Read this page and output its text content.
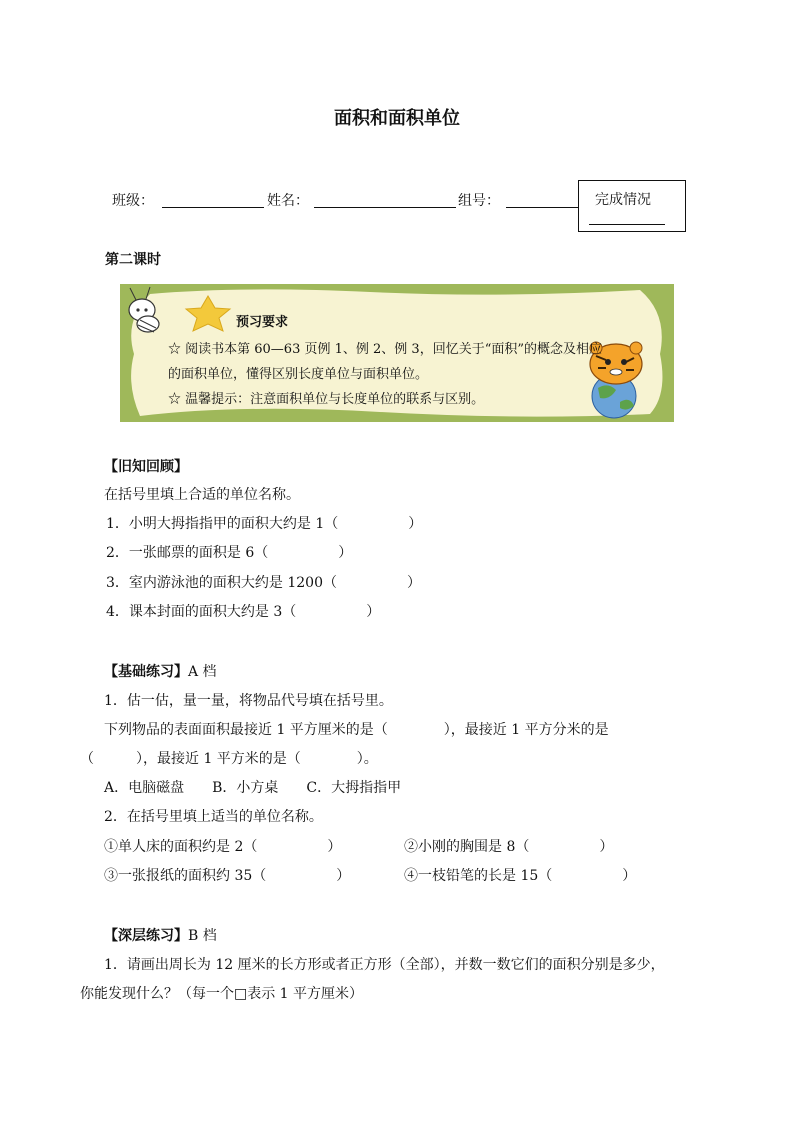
面积和面积单位
班级：	姓名：	组号：	完成情况
第二课时
预习要求
☆ 阅读书本第 60—63 页例 1、例 2、例 3，回忆关于“面积”的概念及相应
的面积单位，懂得区别长度单位与面积单位。
☆ 温馨提示：注意面积单位与长度单位的联系与区别。
【旧知回顾】
在括号里填上合适的单位名称。
1．小明大拇指指甲的面积大约是 1（　　　　　）
2．一张邮票的面积是 6（　　　　　）
3．室内游泳池的面积大约是 1200（　　　　　）
4．课本封面的面积大约是 3（　　　　　）
【基础练习】A 档
1．估一估，量一量，将物品代号填在括号里。
下列物品的表面面积最接近 1 平方厘米的是（　　　　），最接近 1 平方分米的是
（　　　），最接近 1 平方米的是（　　　　）。
A．电脑磁盘　　B．小方桌　　C．大拇指指甲
2．在括号里填上适当的单位名称。
①单人床的面积约是 2（　　　　　）	②小刚的胸围是 8（　　　　　）
③一张报纸的面积约 35（　　　　　）	④一枝铅笔的长是 15（　　　　　）
【深层练习】B 档
1．请画出周长为 12 厘米的长方形或者正方形（全部），并数一数它们的面积分别是多少，
你能发现什么？（每一个□表示 1 平方厘米）
